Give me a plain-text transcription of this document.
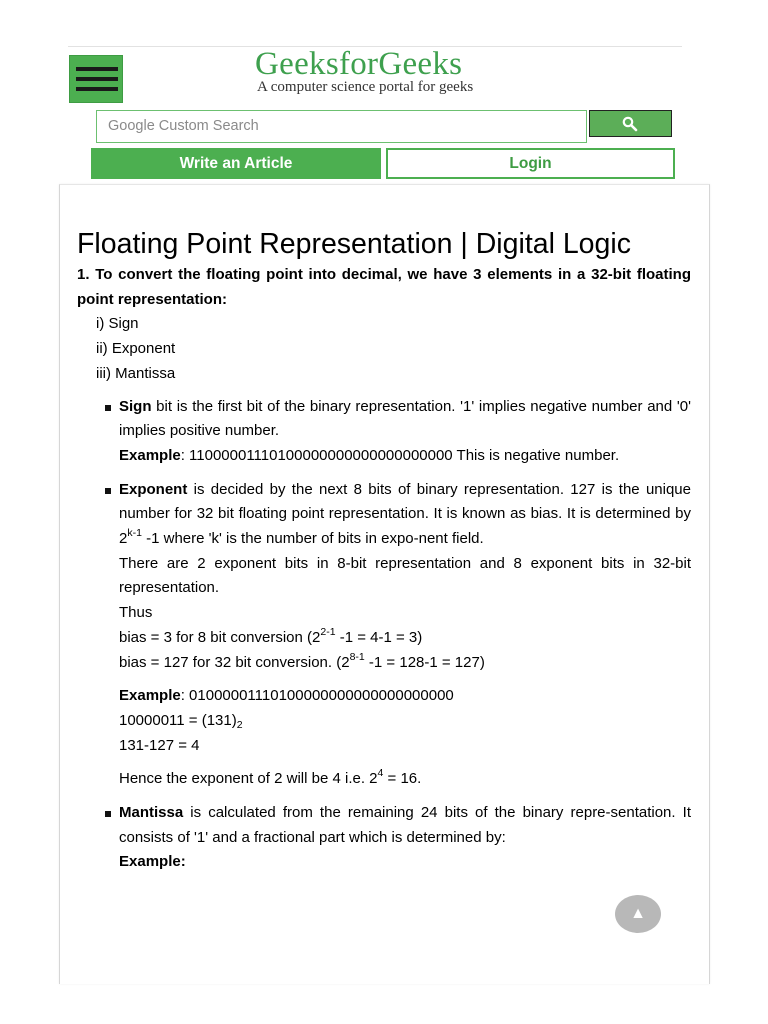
GeeksforGeeks
A computer science portal for geeks
Google Custom Search
Write an Article	Login
Floating Point Representation | Digital Logic

1. To convert the floating point into decimal, we have 3 elements in a 32-bit floating point representation:

i) Sign
ii) Exponent
iii) Mantissa

Sign bit is the first bit of the binary representation. '1' implies negative number and '0' implies positive number.

Example: 11000001110100000000000000000000 This is negative number.

Exponent is decided by the next 8 bits of binary representation. 127 is the unique number for 32 bit floating point representation. It is known as bias. It is determined by 2$^{k-1}$ -1 where 'k' is the number of bits in expo-nent field.

There are 2 exponent bits in 8-bit representation and 8 exponent bits in 32-bit representation.

Thus

bias = 3 for 8 bit conversion (2$^{2-1}$ -1 = 4-1 = 3)

bias = 127 for 32 bit conversion. (2$^{8-1}$ -1 = 128-1 = 127)

Example: 01000001110100000000000000000000

$10000011 = (131)_2$

131-127 = 4

Hence the exponent of 2 will be 4 i.e. $2^4 = 16$.

Mantissa is calculated from the remaining 24 bits of the binary repre-sentation. It consists of '1' and a fractional part which is determined by:

Example:

▲
